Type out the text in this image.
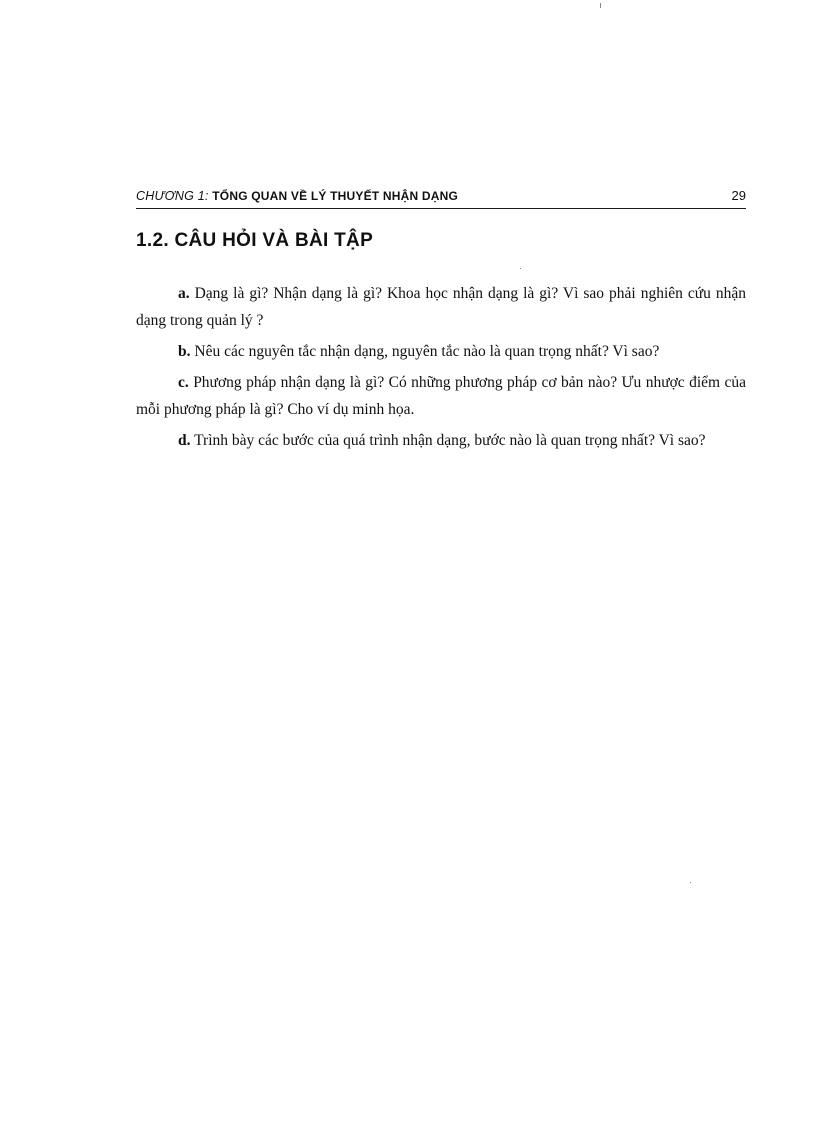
CHƯƠNG 1: TỔNG QUAN VỀ LÝ THUYẾT NHẬN DẠNG	29
1.2. CÂU HỎI VÀ BÀI TẬP

a. Dạng là gì? Nhận dạng là gì? Khoa học nhận dạng là gì? Vì sao phải nghiên cứu nhận dạng trong quản lý ?

b. Nêu các nguyên tắc nhận dạng, nguyên tắc nào là quan trọng nhất? Vì sao?

c. Phương pháp nhận dạng là gì? Có những phương pháp cơ bản nào? Ưu nhược điểm của mỗi phương pháp là gì? Cho ví dụ minh họa.

d. Trình bày các bước của quá trình nhận dạng, bước nào là quan trọng nhất? Vì sao?
